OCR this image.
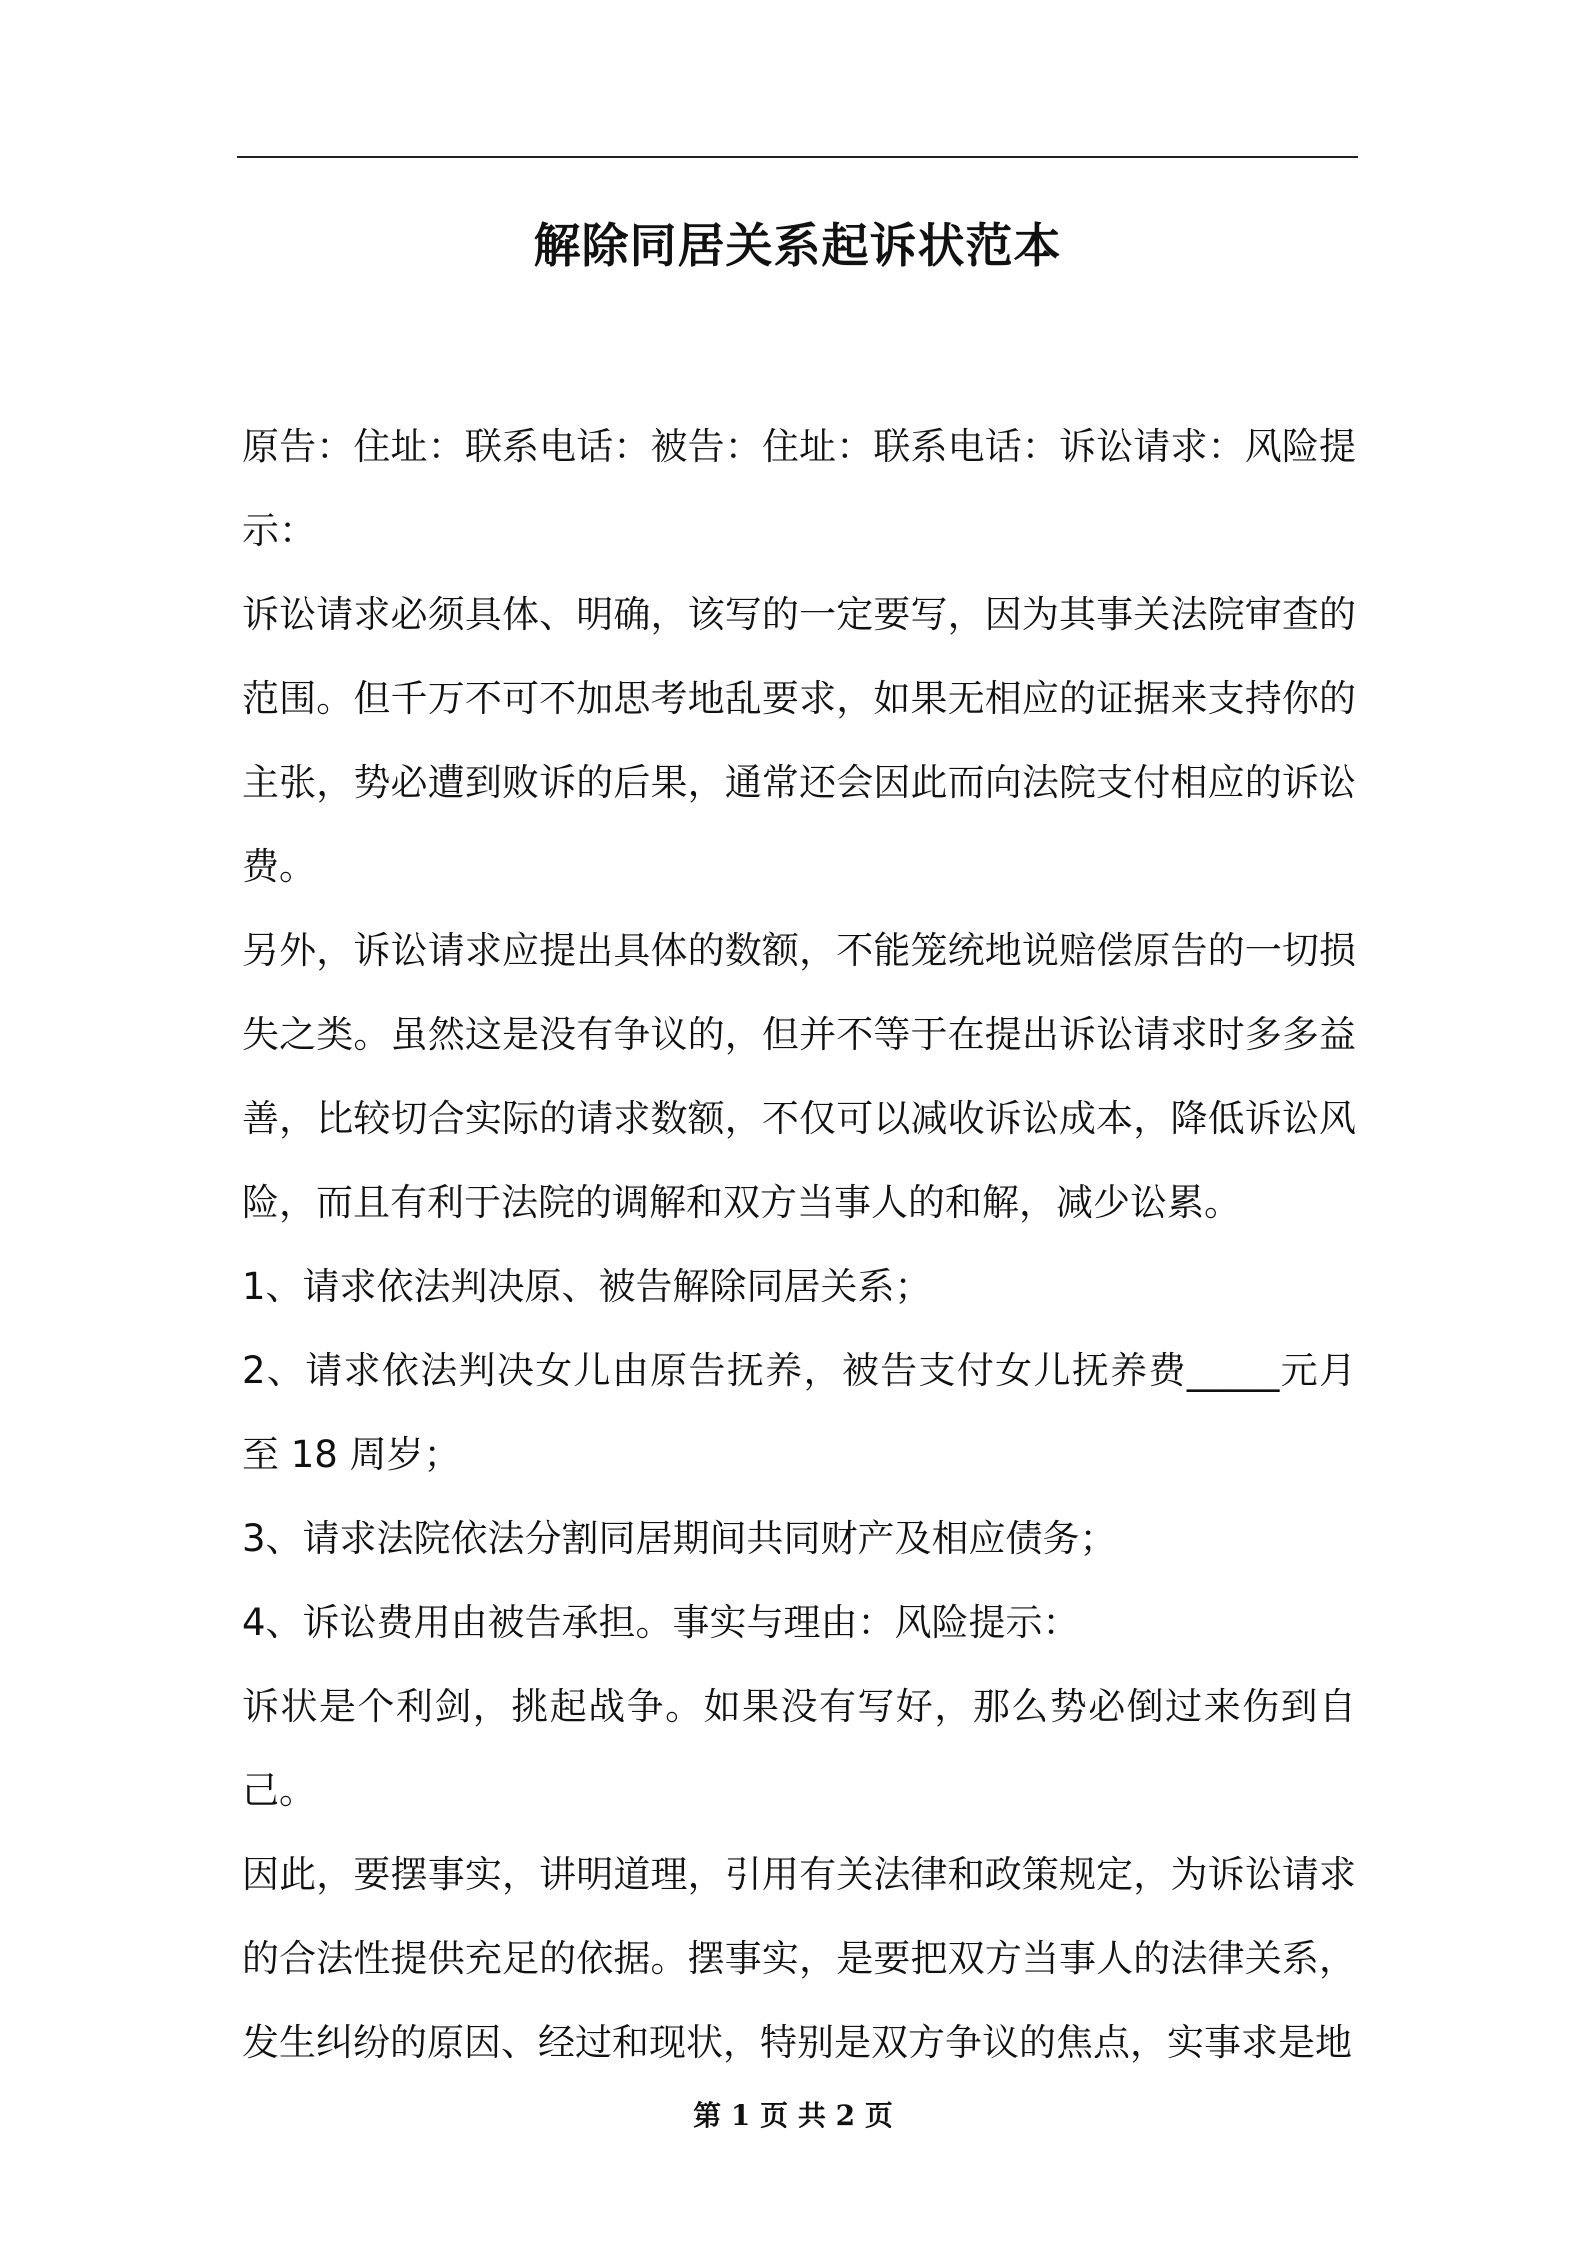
解除同居关系起诉状范本

原告：住址：联系电话：被告：住址：联系电话：诉讼请求：风险提示：

诉讼请求必须具体、明确，该写的一定要写，因为其事关法院审查的范围。但千万不可不加思考地乱要求，如果无相应的证据来支持你的主张，势必遭到败诉的后果，通常还会因此而向法院支付相应的诉讼费。

另外，诉讼请求应提出具体的数额，不能笼统地说赔偿原告的一切损失之类。虽然这是没有争议的，但并不等于在提出诉讼请求时多多益善，比较切合实际的请求数额，不仅可以减收诉讼成本，降低诉讼风险，而且有利于法院的调解和双方当事人的和解，减少讼累。

1、请求依法判决原、被告解除同居关系；

2、请求依法判决女儿由原告抚养，被告支付女儿抚养费_____元月至 18 周岁；

3、请求法院依法分割同居期间共同财产及相应债务；

4、诉讼费用由被告承担。事实与理由：风险提示：

诉状是个利剑，挑起战争。如果没有写好，那么势必倒过来伤到自己。

因此，要摆事实，讲明道理，引用有关法律和政策规定，为诉讼请求的合法性提供充足的依据。摆事实，是要把双方当事人的法律关系，发生纠纷的原因、经过和现状，特别是双方争议的焦点，实事求是地

第 1 页 共 2 页
